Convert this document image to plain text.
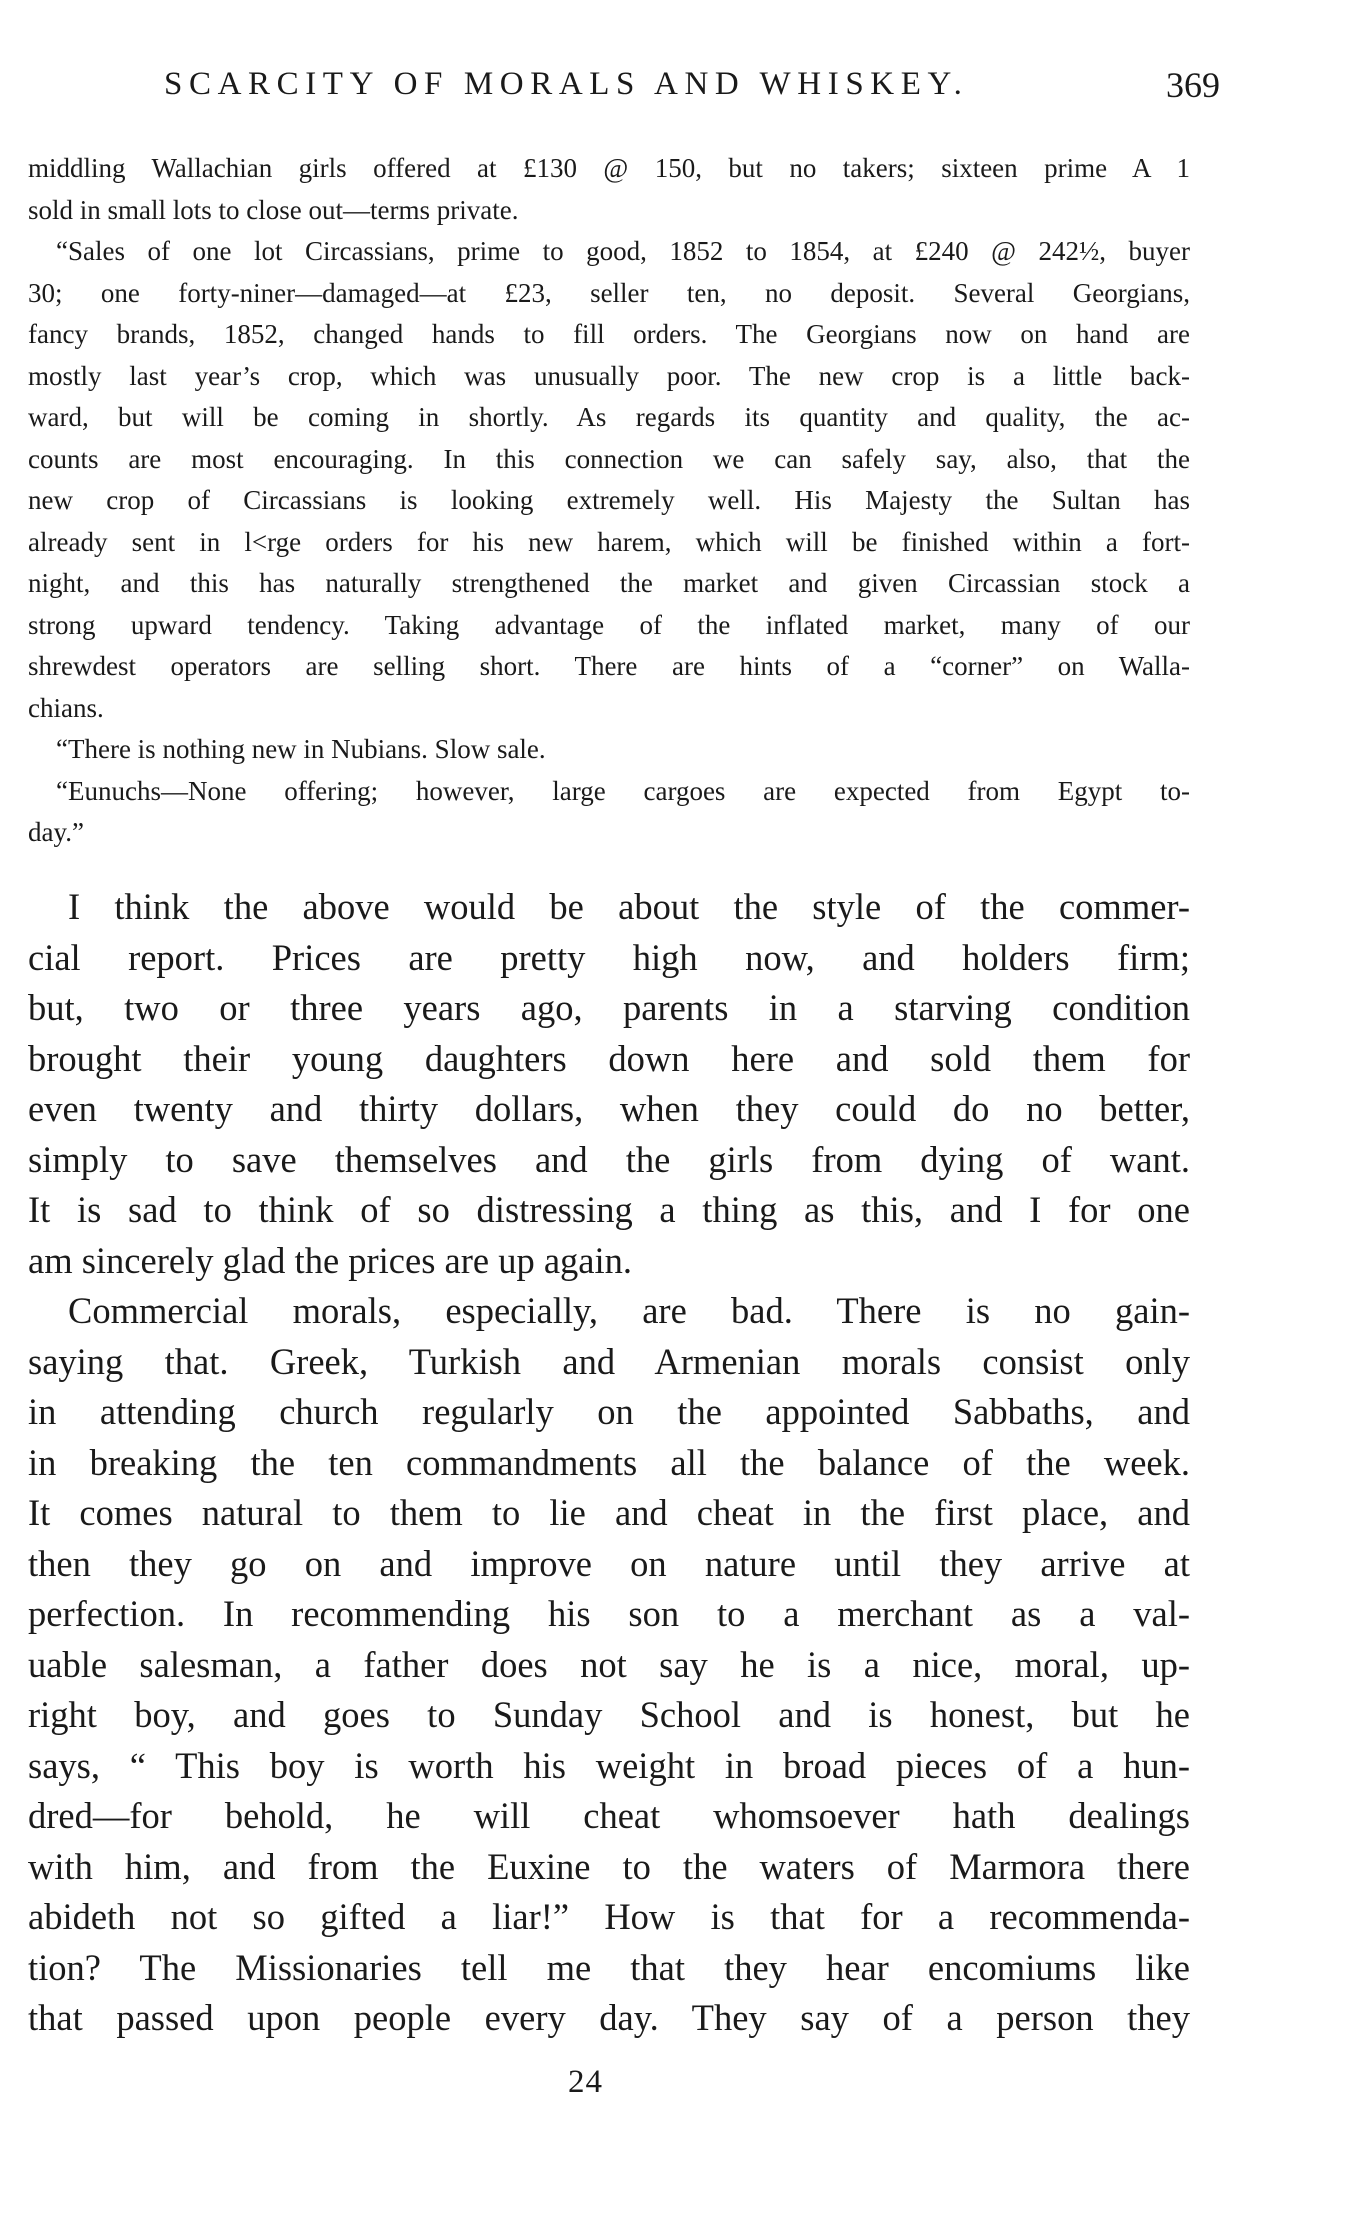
SCARCITY OF MORALS AND WHISKEY.	369
middling Wallachian girls offered at £130 @ 150, but no takers; sixteen prime A 1
sold in small lots to close out—terms private.
“Sales of one lot Circassians, prime to good, 1852 to 1854, at £240 @ 242½, buyer
30; one forty-niner—damaged—at £23, seller ten, no deposit. Several Georgians,
fancy brands, 1852, changed hands to fill orders. The Georgians now on hand are
mostly last year’s crop, which was unusually poor. The new crop is a little back-
ward, but will be coming in shortly. As regards its quantity and quality, the ac-
counts are most encouraging. In this connection we can safely say, also, that the
new crop of Circassians is looking extremely well. His Majesty the Sultan has
already sent in l<rge orders for his new harem, which will be finished within a fort-
night, and this has naturally strengthened the market and given Circassian stock a
strong upward tendency. Taking advantage of the inflated market, many of our
shrewdest operators are selling short. There are hints of a “corner” on Walla-
chians.
“There is nothing new in Nubians. Slow sale.
“Eunuchs—None offering; however, large cargoes are expected from Egypt to-
day.”
I think the above would be about the style of the commer-
cial report. Prices are pretty high now, and holders firm;
but, two or three years ago, parents in a starving condition
brought their young daughters down here and sold them for
even twenty and thirty dollars, when they could do no better,
simply to save themselves and the girls from dying of want.
It is sad to think of so distressing a thing as this, and I for one
am sincerely glad the prices are up again.
Commercial morals, especially, are bad. There is no gain-
saying that. Greek, Turkish and Armenian morals consist only
in attending church regularly on the appointed Sabbaths, and
in breaking the ten commandments all the balance of the week.
It comes natural to them to lie and cheat in the first place, and
then they go on and improve on nature until they arrive at
perfection. In recommending his son to a merchant as a val-
uable salesman, a father does not say he is a nice, moral, up-
right boy, and goes to Sunday School and is honest, but he
says, “ This boy is worth his weight in broad pieces of a hun-
dred—for behold, he will cheat whomsoever hath dealings
with him, and from the Euxine to the waters of Marmora there
abideth not so gifted a liar!” How is that for a recommenda-
tion? The Missionaries tell me that they hear encomiums like
that passed upon people every day. They say of a person they
24
